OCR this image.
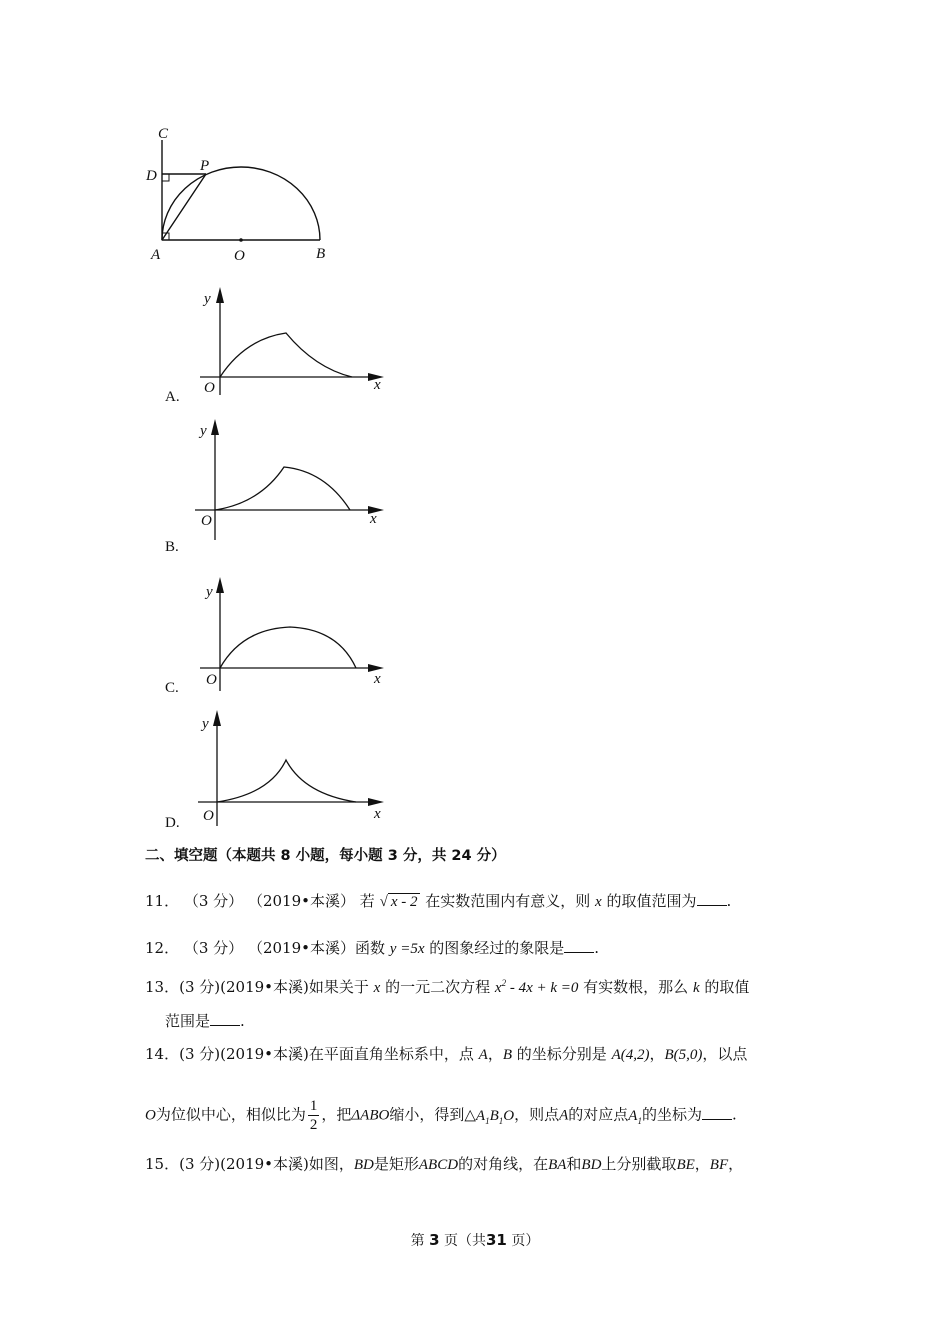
C
D
P
A	O	B
y
x
O
A.
y
x
O
B.
y
x
O
C.
y
x
O
D.
二、填空题（本题共 8 小题，每小题 3 分，共 24 分）
11． （3 分） （2019•本溪） 若 √ x - 2 在实数范围内有意义，则 x 的取值范围为 .
12． （3 分） （2019•本溪）函数 y =5x 的图象经过的象限是 .
13．(3 分)(2019•本溪)如果关于 x 的一元二次方程 $x^2 - 4x + k =0$ 有实数根，那么 k 的取值
范围是 .
14．(3 分)(2019•本溪)在平面直角坐标系中，点 A，B 的坐标分别是 A(4,2)，B(5,0)，以点
O为位似中心，相似比为 $\frac{1}{2}$ ，把ΔABO缩小，得到$\triangle A_1B_1O$，则点A的对应点$A_1$的坐标为 .
15．(3 分)(2019•本溪)如图，BD是矩形ABCD的对角线，在BA和BD上分别截取BE，BF，
第 3 页（共31 页）
